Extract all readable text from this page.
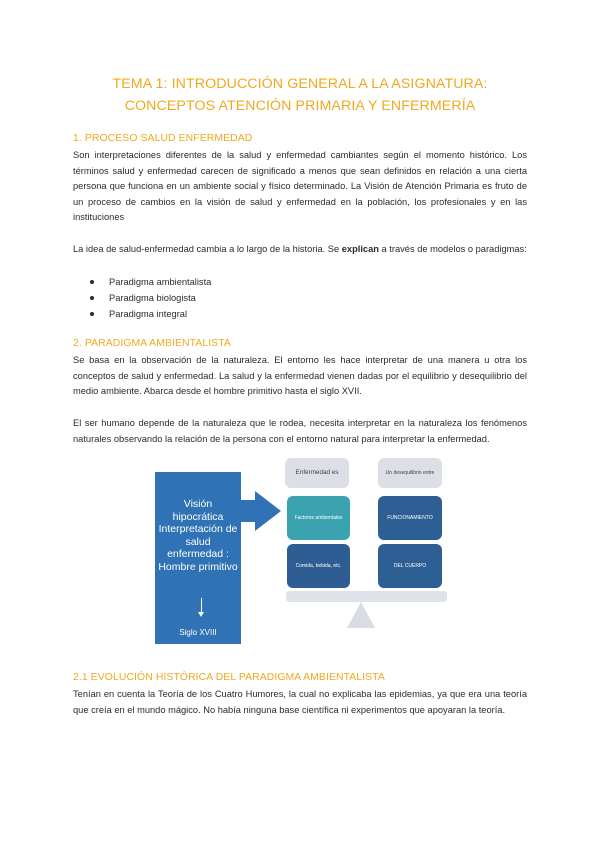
TEMA 1: INTRODUCCIÓN GENERAL A LA ASIGNATURA:
CONCEPTOS ATENCIÓN PRIMARIA Y ENFERMERÍA
1. PROCESO SALUD ENFERMEDAD
Son interpretaciones diferentes de la salud y enfermedad cambiantes según el momento histórico. Los términos salud y enfermedad carecen de significado a menos que sean definidos en relación a una cierta persona que funciona en un ambiente social y físico determinado. La Visión de Atención Primaria es fruto de un proceso de cambios en la visión de salud y enfermedad en la población, los profesionales y en las instituciones
La idea de salud-enfermedad cambia a lo largo de la historia. Se explican a través de modelos o paradigmas:
Paradigma ambientalista
Paradigma biologista
Paradigma integral
2. PARADIGMA AMBIENTALISTA
Se basa en la observación de la naturaleza. El entorno les hace interpretar de una manera u otra los conceptos de salud y enfermedad. La salud y la enfermedad vienen dadas por el equilibrio y desequilibrio del medio ambiente. Abarca desde el hombre primitivo hasta el siglo XVII.
El ser humano depende de la naturaleza que le rodea, necesita interpretar en la naturaleza los fenómenos naturales observando la relación de la persona con el entorno natural para interpretar la enfermedad.
Visión hipocrática Interpretación de salud enfermedad : Hombre primitivo
Siglo XVIII
Enfermedad es	Un desequilibrio entre
Factores ambientales	FUNCIONAMIENTO
Comida, bebida, etc.	DEL CUERPO
2.1 EVOLUCIÓN HISTÓRICA DEL PARADIGMA AMBIENTALISTA
Tenían en cuenta la Teoría de los Cuatro Humores, la cual no explicaba las epidemias, ya que era una teoría que creía en el mundo mágico. No había ninguna base científica ni experimentos que apoyaran la teoría.
